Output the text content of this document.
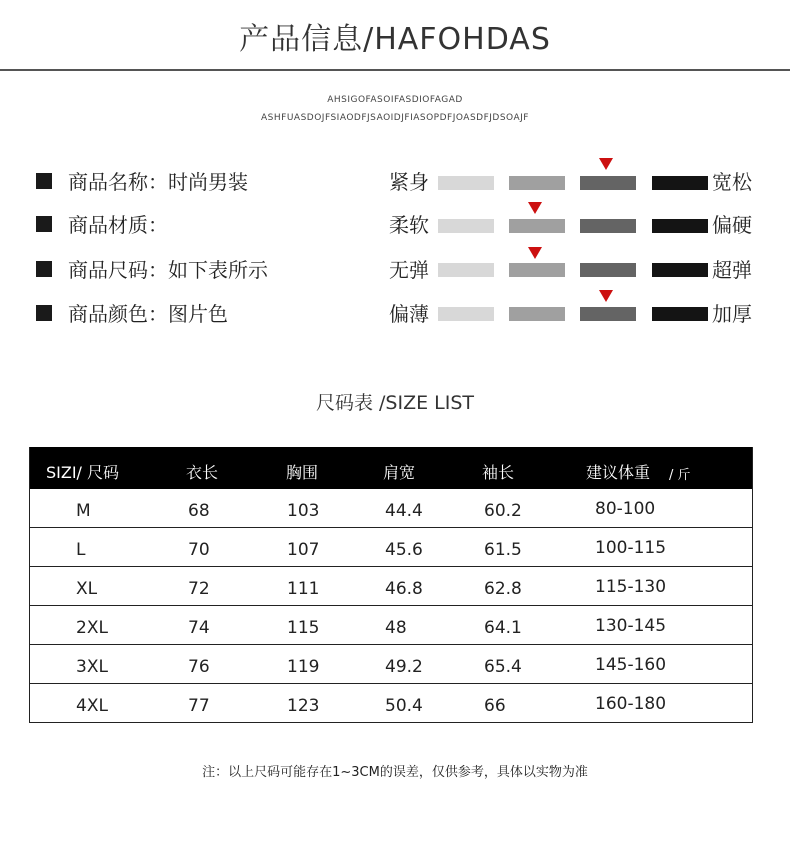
产品信息/HAFOHDAS
AHSIGOFASOIFASDIOFAGAD
ASHFUASDOJFSIAODFJSAOIDJFIASOPDFJOASDFJDSOAJF
商品名称：时尚男装	紧身	宽松
商品材质：	柔软	偏硬
商品尺码：如下表所示	无弹	超弹
商品颜色：图片色	偏薄	加厚
尺码表 /SIZE LIST
SIZI/ 尺码	衣长	胸围	肩宽	袖长	建议体重 / 斤
M	68	103	44.4	60.2	80-100
L	70	107	45.6	61.5	100-115
XL	72	111	46.8	62.8	115-130
2XL	74	115	48	64.1	130-145
3XL	76	119	49.2	65.4	145-160
4XL	77	123	50.4	66	160-180
注：以上尺码可能存在1~3CM的误差，仅供参考，具体以实物为准
